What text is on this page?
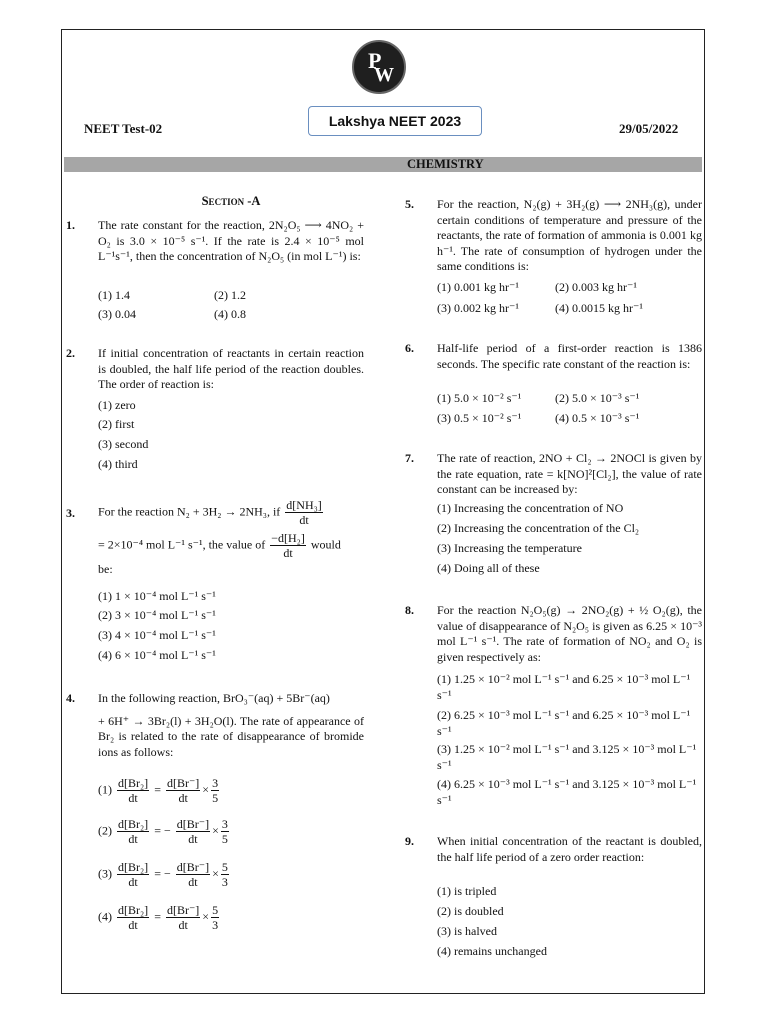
P
W
NEET Test-02	Lakshya NEET 2023	29/05/2022
CHEMISTRY
Section -A
1. The rate constant for the reaction, 2N₂O₅ ⟶ 4NO₂ + O₂ is 3.0 × 10⁻⁵ s⁻¹. If the rate is 2.4 × 10⁻⁵ mol L⁻¹s⁻¹, then the concentration of N₂O₅ (in mol L⁻¹) is:
(1) 1.4	(2) 1.2
(3) 0.04	(4) 0.8
2. If initial concentration of reactants in certain reaction is doubled, the half life period of the reaction doubles. The order of reaction is:
(1) zero
(2) first
(3) second
(4) third
3. For the reaction N₂ + 3H₂ → 2NH₃, if $\frac{\text{d[NH₃]}}{dt}$
= 2×10⁻⁴ mol L⁻¹ s⁻¹, the value of $\frac{\text{−d[H₂]}}{dt}$ would
be:
(1) 1 × 10⁻⁴ mol L⁻¹ s⁻¹
(2) 3 × 10⁻⁴ mol L⁻¹ s⁻¹
(3) 4 × 10⁻⁴ mol L⁻¹ s⁻¹
(4) 6 × 10⁻⁴ mol L⁻¹ s⁻¹
4. In the following reaction, BrO₃⁻(aq) + 5Br⁻(aq)
+ 6H⁺ → 3Br₂(l) + 3H₂O(l). The rate of appearance of Br₂ is related to the rate of disappearance of bromide ions as follows:
$(1) \frac{\text{d[Br₂]}}{dt} = \frac{d[Br^-]}{dt} \times \frac{3}{5}$
$(2) \frac{\text{d[Br₂]}}{dt}$ = − $\frac{d[Br^-]}{dt} \times \frac{3}{5}$
$(3) \frac{\text{d[Br₂]}}{dt}$ = − $\frac{d[Br^-]}{dt} \times \frac{5}{3}$
$(4) \frac{\text{d[Br₂]}}{dt} = \frac{d[Br^-]}{dt} \times \frac{5}{3}$
5. For the reaction, N₂(g) + 3H₂(g) ⟶ 2NH₃(g), under certain conditions of temperature and pressure of the reactants, the rate of formation of ammonia is 0.001 kg h⁻¹. The rate of consumption of hydrogen under the same conditions is:
(1) 0.001 kg hr⁻¹	(2) 0.003 kg hr⁻¹
(3) 0.002 kg hr⁻¹	(4) 0.0015 kg hr⁻¹
6. Half-life period of a first-order reaction is 1386 seconds. The specific rate constant of the reaction is:
(1) 5.0 × 10⁻² s⁻¹	(2) 5.0 × 10⁻³ s⁻¹
(3) 0.5 × 10⁻² s⁻¹	(4) 0.5 × 10⁻³ s⁻¹
7. The rate of reaction, 2NO + Cl₂ → 2NOCl is given by the rate equation, rate = k[NO]²[Cl₂], the value of rate constant can be increased by:
(1) Increasing the concentration of NO
(2) Increasing the concentration of the Cl₂
(3) Increasing the temperature
(4) Doing all of these
8. For the reaction N₂O₅(g) → 2NO₂(g) + ½ O₂(g), the value of disappearance of N₂O₅ is given as 6.25 × 10⁻³ mol L⁻¹ s⁻¹. The rate of formation of NO₂ and O₂ is given respectively as:
(1) 1.25 × 10⁻² mol L⁻¹ s⁻¹ and 6.25 × 10⁻³ mol L⁻¹ s⁻¹
(2) 6.25 × 10⁻³ mol L⁻¹ s⁻¹ and 6.25 × 10⁻³ mol L⁻¹ s⁻¹
(3) 1.25 × 10⁻² mol L⁻¹ s⁻¹ and 3.125 × 10⁻³ mol L⁻¹ s⁻¹
(4) 6.25 × 10⁻³ mol L⁻¹ s⁻¹ and 3.125 × 10⁻³ mol L⁻¹ s⁻¹
9. When initial concentration of the reactant is doubled, the half life period of a zero order reaction:
(1) is tripled
(2) is doubled
(3) is halved
(4) remains unchanged
